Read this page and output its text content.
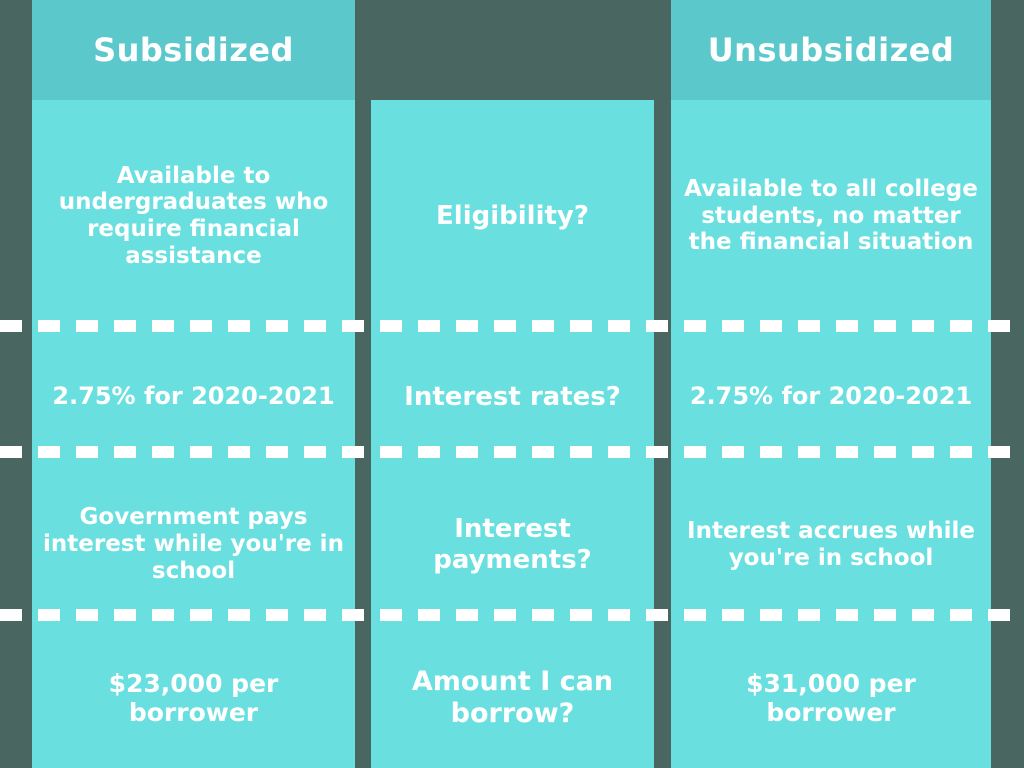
Subsidized
Available to undergraduates who require financial assistance
2.75% for 2020-2021
Government pays interest while you're in school
$23,000 per borrower
Eligibility?
Interest rates?
Interest payments?
Amount I can borrow?
Unsubsidized
Available to all college students, no matter the financial situation
2.75% for 2020-2021
Interest accrues while you're in school
$31,000 per borrower
